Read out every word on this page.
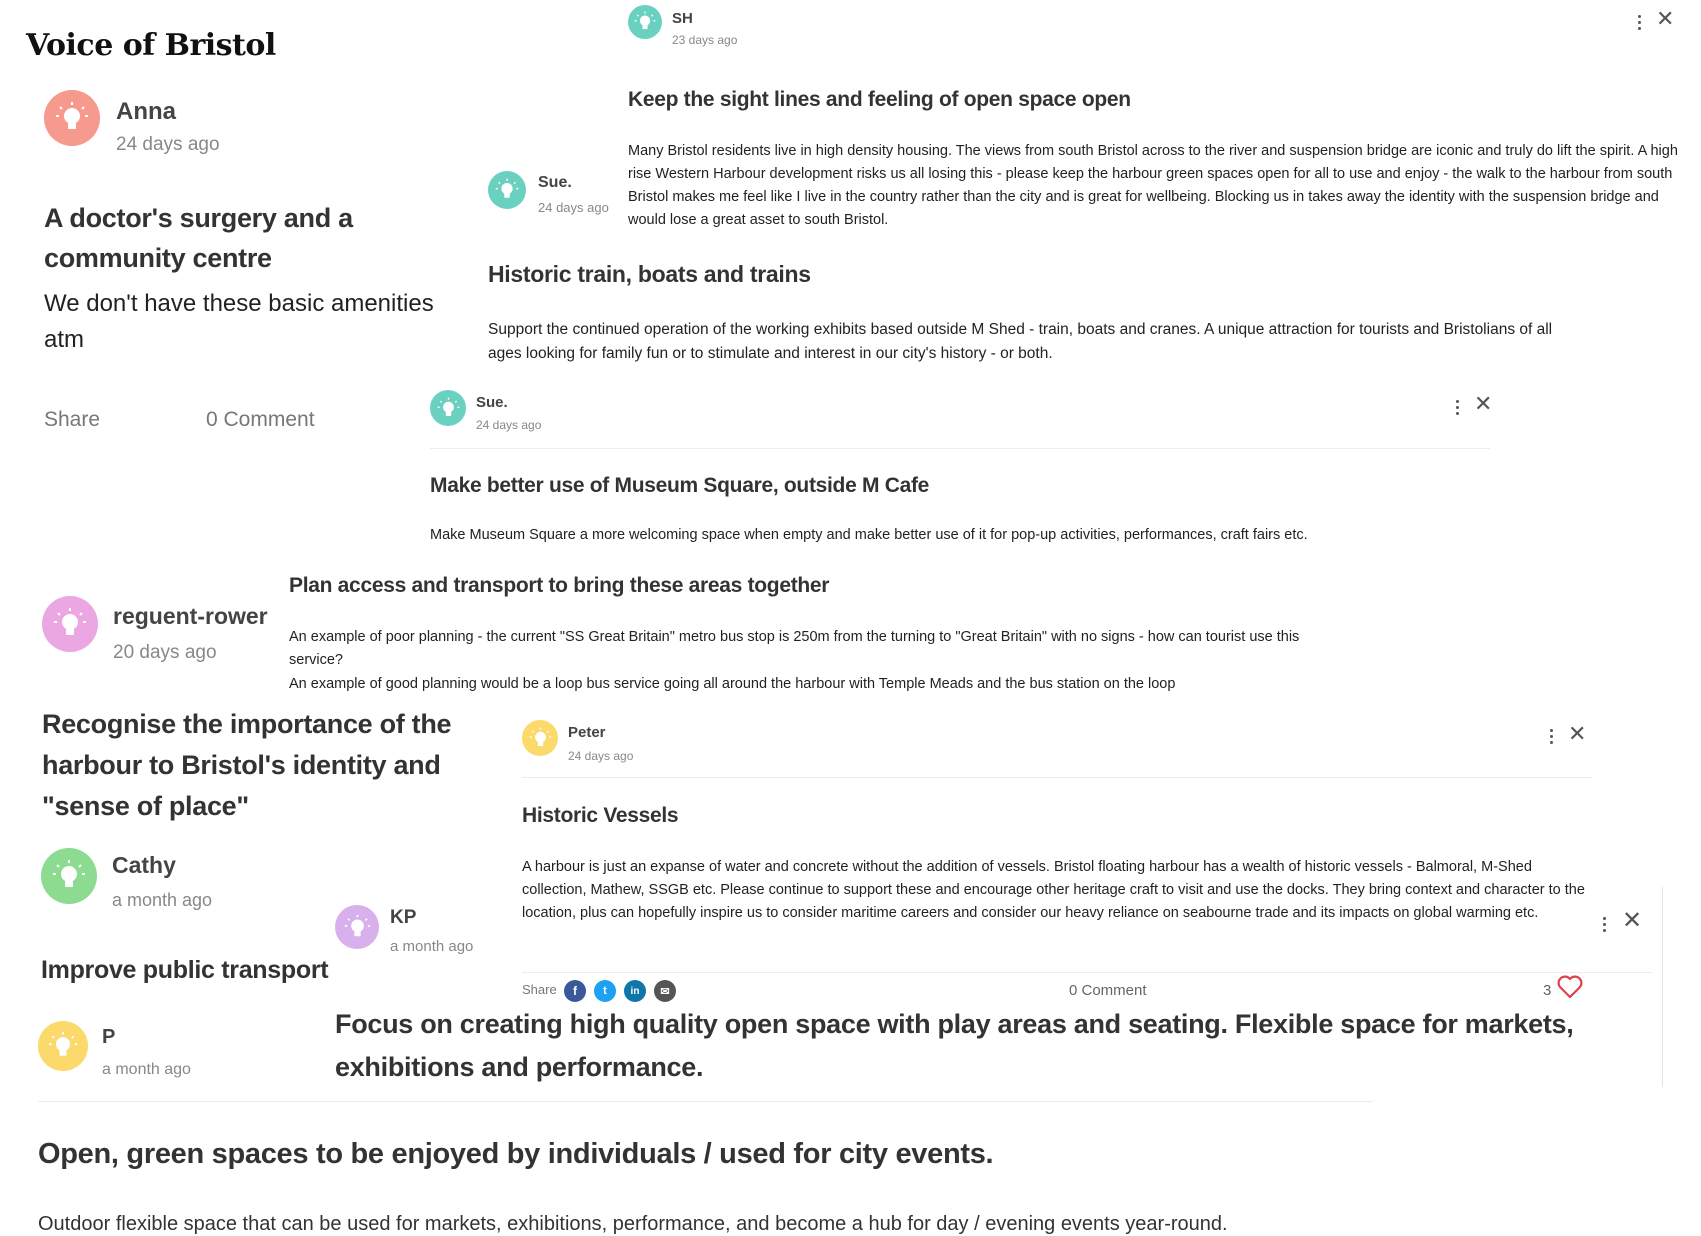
Voice of Bristol
Anna
24 days ago
A doctor's surgery and a community centre
We don't have these basic amenities atm
Share	0 Comment
SH
23 days ago
✕
Keep the sight lines and feeling of open space open
Many Bristol residents live in high density housing. The views from south Bristol across to the river and suspension bridge are iconic and truly do lift the spirit. A high rise Western Harbour development risks us all losing this - please keep the harbour green spaces open for all to use and enjoy - the walk to the harbour from south Bristol makes me feel like I live in the country rather than the city and is great for wellbeing. Blocking us in takes away the identity with the suspension bridge and would lose a great asset to south Bristol.
Sue.
24 days ago
Historic train, boats and trains
Support the continued operation of the working exhibits based outside M Shed - train, boats and cranes. A unique attraction for tourists and Bristolians of all ages looking for family fun or to stimulate and interest in our city's history - or both.
Sue.
24 days ago
✕
Make better use of Museum Square, outside M Cafe
Make Museum Square a more welcoming space when empty and make better use of it for pop-up activities, performances, craft fairs etc.
reguent-rower
20 days ago
Plan access and transport to bring these areas together
An example of poor planning - the current "SS Great Britain" metro bus stop is 250m from the turning to "Great Britain" with no signs - how can tourist use this service?
An example of good planning would be a loop bus service going all around the harbour with Temple Meads and the bus station on the loop
Recognise the importance of the harbour to Bristol's identity and "sense of place"
Cathy
a month ago
Improve public transport
KP
a month ago
Peter
24 days ago
✕
Historic Vessels
A harbour is just an expanse of water and concrete without the addition of vessels. Bristol floating harbour has a wealth of historic vessels - Balmoral, M-Shed collection, Mathew, SSGB etc. Please continue to support these and encourage other heritage craft to visit and use the docks. They bring context and character to the location, plus can hopefully inspire us to consider maritime careers and consider our heavy reliance on seabourne trade and its impacts on global warming etc.	✕
Share	f	t	in	✉	0 Comment	3
Focus on creating high quality open space with play areas and seating. Flexible space for markets, exhibitions and performance.
P
a month ago
Open, green spaces to be enjoyed by individuals / used for city events.
Outdoor flexible space that can be used for markets, exhibitions, performance, and become a hub for day / evening events year-round.
